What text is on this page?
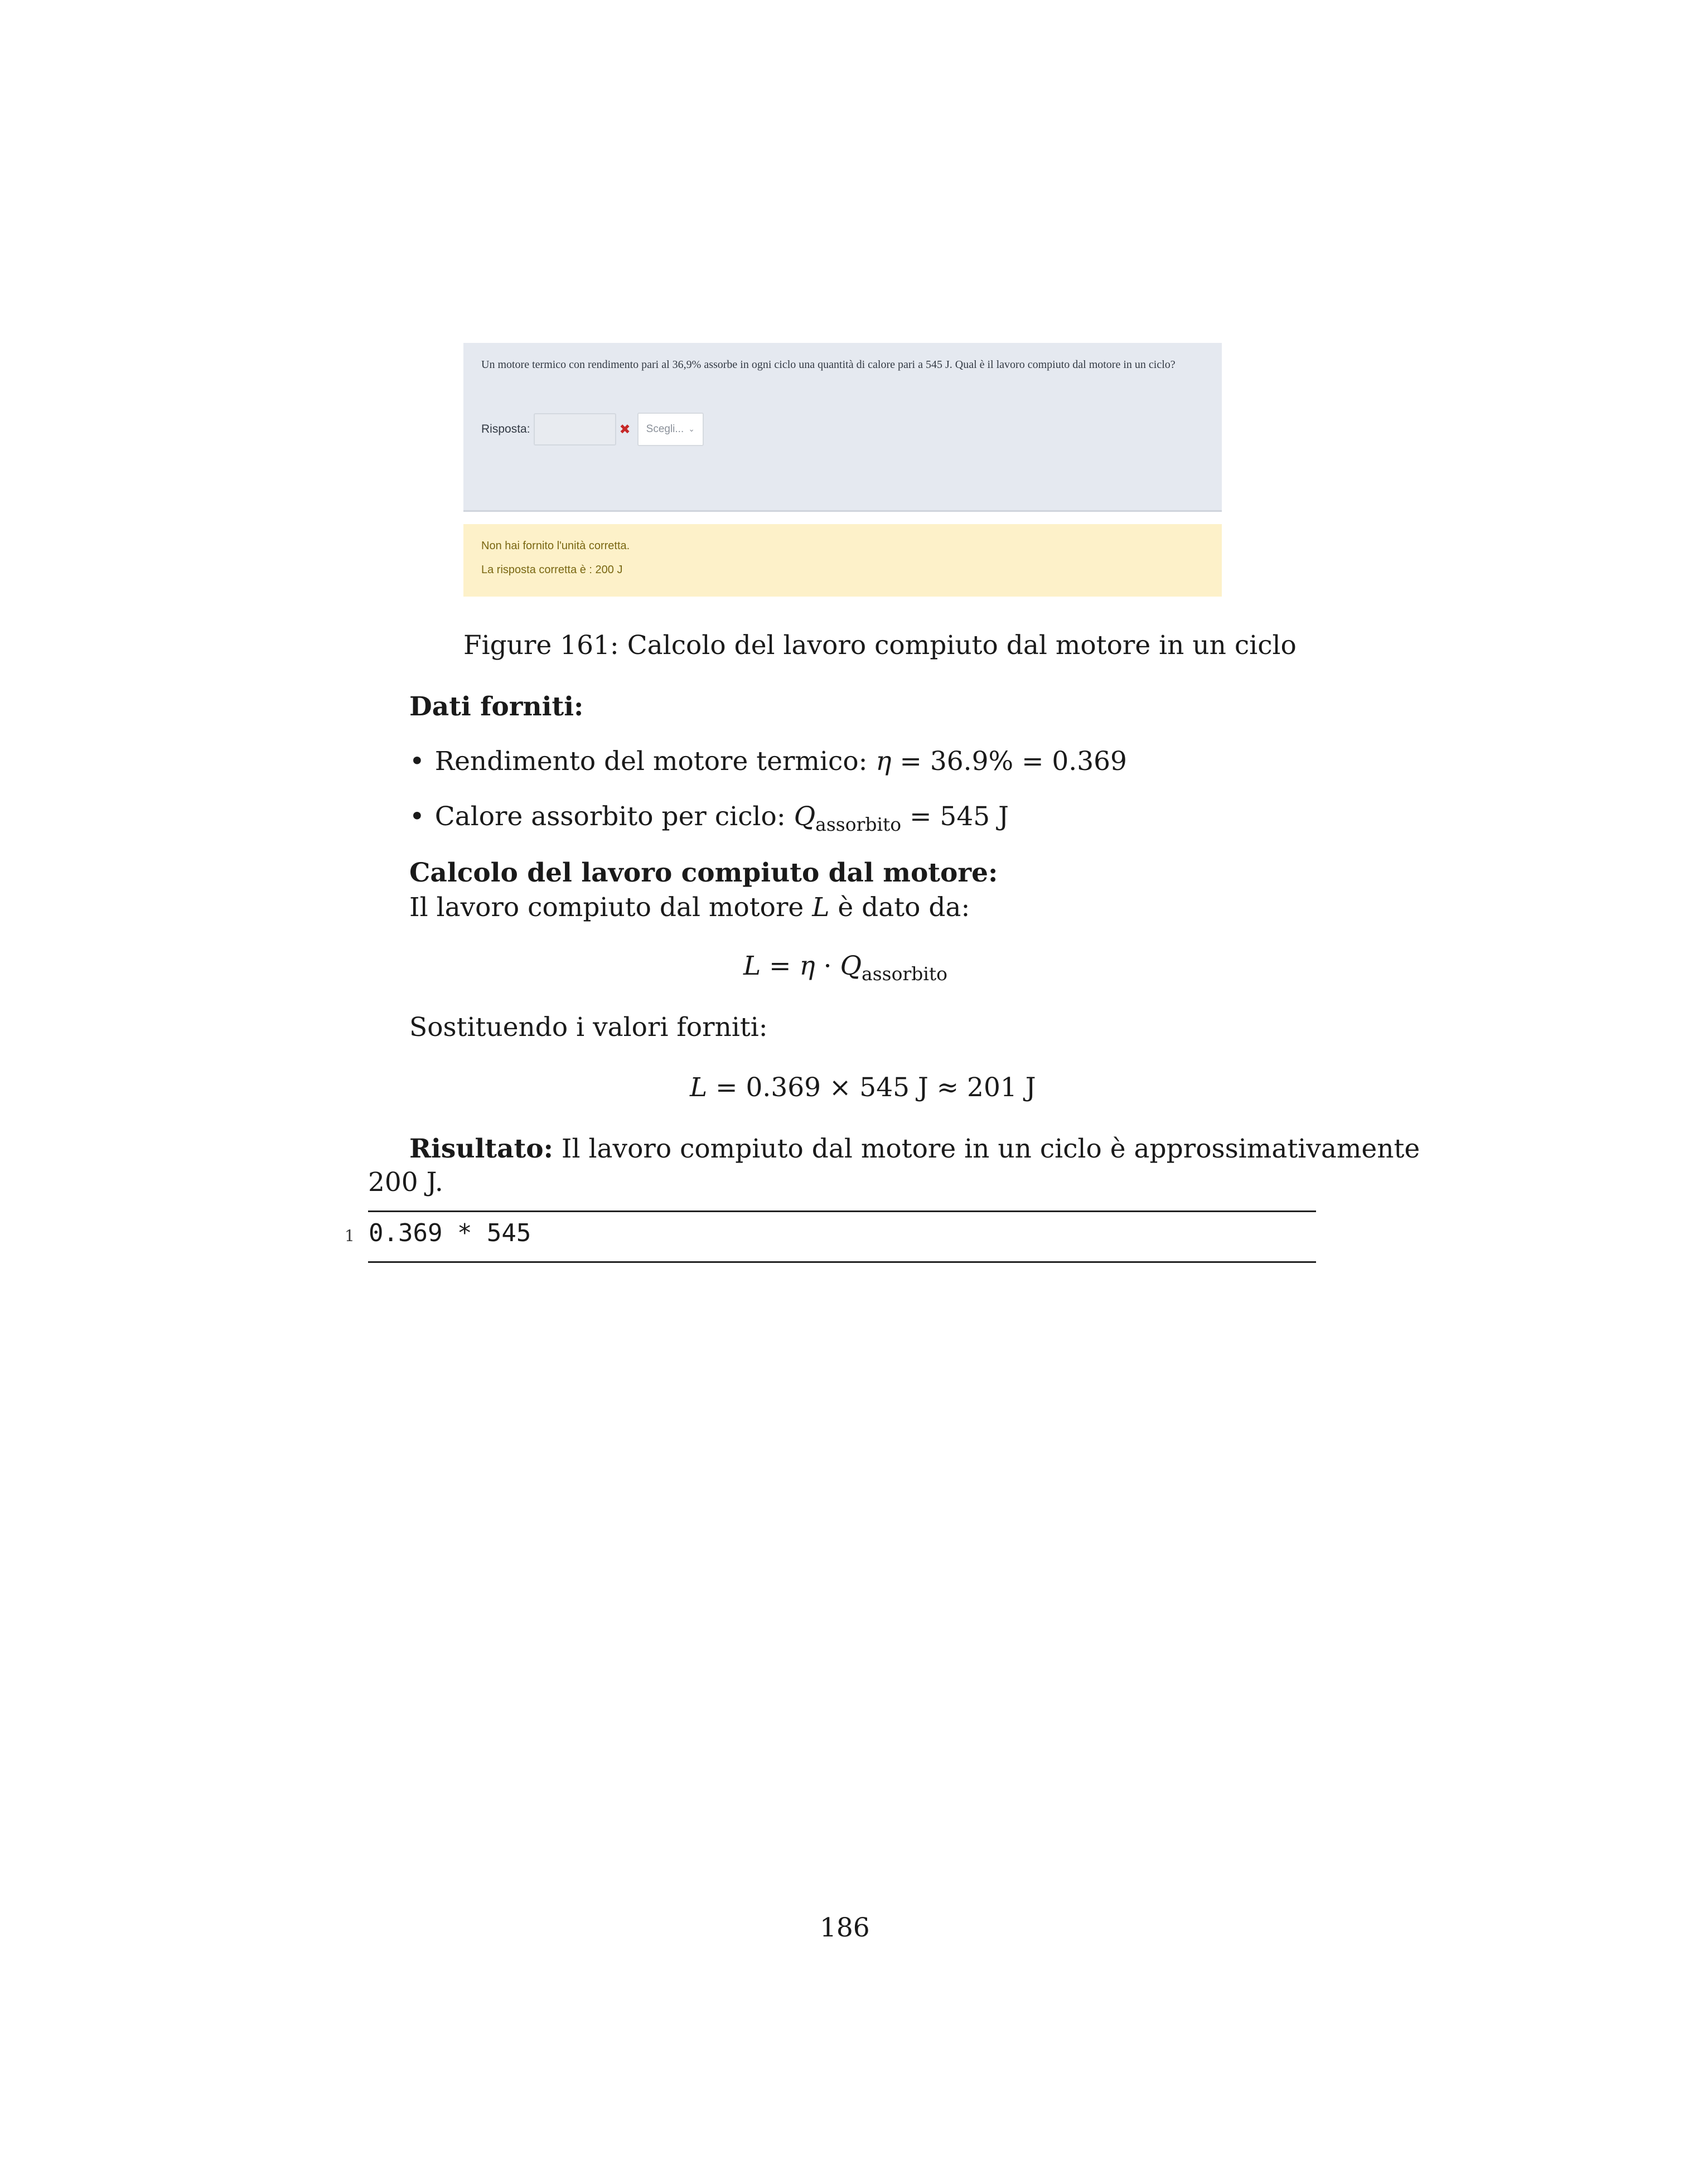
Un motore termico con rendimento pari al 36,9% assorbe in ogni ciclo una quantità di calore pari a 545 J. Qual è il lavoro compiuto dal motore in un ciclo?
Risposta:	✖ Scegli... ⌄
Non hai fornito l'unità corretta.
La risposta corretta è : 200 J
Figure 161: Calcolo del lavoro compiuto dal motore in un ciclo
Dati forniti:
• Rendimento del motore termico: η = 36.9% = 0.369
• Calore assorbito per ciclo: $Q_{assorbito} = 545$ J
Calcolo del lavoro compiuto dal motore:
Il lavoro compiuto dal motore L è dato da:
$L = \eta \cdot Q_{assorbito}$
Sostituendo i valori forniti:
L = 0.369 × 545 J ≈ 201 J
Risultato: Il lavoro compiuto dal motore in un ciclo è approssimativamente
200 J.
1 0.369 * 545
186
